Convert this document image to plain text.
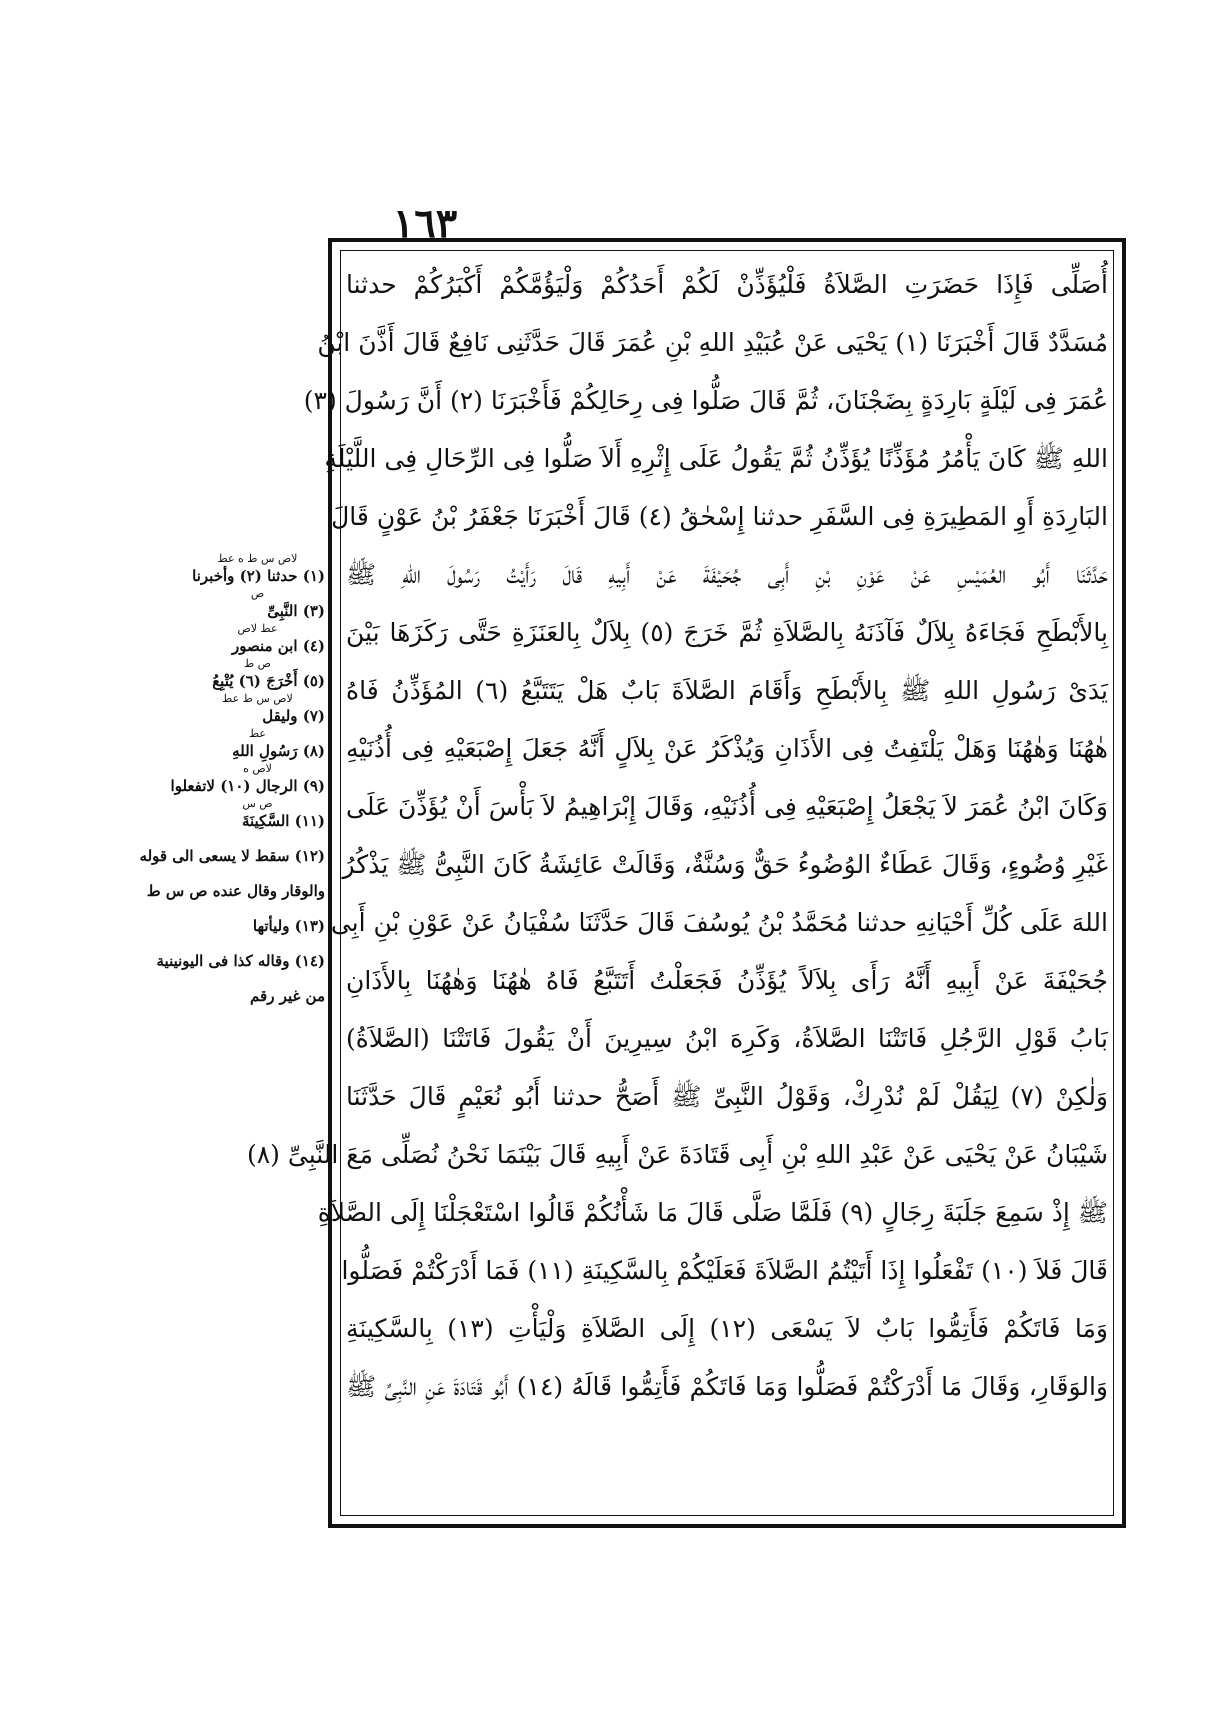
١٦٣
أُصَلِّى فَإِذَا حَضَرَتِ الصَّلاَةُ فَلْيُؤَذِّنْ لَكُمْ أَحَدُكُمْ وَلْيَؤُمَّكُمْ أَكْبَرُكُمْ حدثنا
مُسَدَّدٌ قَالَ أَخْبَرَنَا (١) يَحْيَى عَنْ عُبَيْدِ اللهِ بْنِ عُمَرَ قَالَ حَدَّثَنِى نَافِعٌ قَالَ أَذَّنَ ابْنُ
عُمَرَ فِى لَيْلَةٍ بَارِدَةٍ بِضَجْنَانَ، ثُمَّ قَالَ صَلُّوا فِى رِحَالِكُمْ فَأَخْبَرَنَا (٢) أَنَّ رَسُولَ (٣)
اللهِ ﷺ كَانَ يَأْمُرُ مُؤَذِّنًا يُؤَذِّنُ ثُمَّ يَقُولُ عَلَى إِثْرِهِ أَلاَ صَلُّوا فِى الرِّحَالِ فِى اللَّيْلَةِ
البَارِدَةِ أَوِ المَطِيرَةِ فِى السَّفَرِ حدثنا إِسْحٰقُ (٤) قَالَ أَخْبَرَنَا جَعْفَرُ بْنُ عَوْنٍ قَالَ
حَدَّثَنَا أَبُو العُمَيْسِ عَنْ عَوْنِ بْنِ أَبِى جُحَيْفَةَ عَنْ أَبِيهِ قَالَ رَأَيْتُ رَسُولَ اللهِ ﷺ
بِالأَبْطَحِ فَجَاءَهُ بِلاَلٌ فَآذَنَهُ بِالصَّلاَةِ ثُمَّ خَرَجَ (٥) بِلاَلٌ بِالعَنَزَةِ حَتَّى رَكَزَهَا بَيْنَ
يَدَىْ رَسُولِ اللهِ ﷺ بِالأَبْطَحِ وَأَقَامَ الصَّلاَةَ بَابٌ هَلْ يَتَتَبَّعُ (٦) المُؤَذِّنُ فَاهُ
هٰهُنَا وَهٰهُنَا وَهَلْ يَلْتَفِتُ فِى الأَذَانِ وَيُذْكَرُ عَنْ بِلاَلٍ أَنَّهُ جَعَلَ إِصْبَعَيْهِ فِى أُذُنَيْهِ
وَكَانَ ابْنُ عُمَرَ لاَ يَجْعَلُ إِصْبَعَيْهِ فِى أُذُنَيْهِ، وَقَالَ إِبْرَاهِيمُ لاَ بَأْسَ أَنْ يُؤَذِّنَ عَلَى
غَيْرِ وُضُوءٍ، وَقَالَ عَطَاءٌ الوُضُوءُ حَقٌّ وَسُنَّةٌ، وَقَالَتْ عَائِشَةُ كَانَ النَّبِىُّ ﷺ يَذْكُرُ
اللهَ عَلَى كُلِّ أَحْيَانِهِ حدثنا مُحَمَّدُ بْنُ يُوسُفَ قَالَ حَدَّثَنَا سُفْيَانُ عَنْ عَوْنِ بْنِ أَبِى
جُحَيْفَةَ عَنْ أَبِيهِ أَنَّهُ رَأَى بِلاَلاً يُؤَذِّنُ فَجَعَلْتُ أَتَتَبَّعُ فَاهُ هٰهُنَا وَهٰهُنَا بِالأَذَانِ
بَابُ قَوْلِ الرَّجُلِ فَاتَتْنَا الصَّلاَةُ، وَكَرِهَ ابْنُ سِيرِينَ أَنْ يَقُولَ فَاتَتْنَا (الصَّلاَةُ)
وَلٰكِنْ (٧) لِيَقُلْ لَمْ نُدْرِكْ، وَقَوْلُ النَّبِىِّ ﷺ أَصَحُّ حدثنا أَبُو نُعَيْمٍ قَالَ حَدَّثَنَا
شَيْبَانُ عَنْ يَحْيَى عَنْ عَبْدِ اللهِ بْنِ أَبِى قَتَادَةَ عَنْ أَبِيهِ قَالَ بَيْنَمَا نَحْنُ نُصَلِّى مَعَ النَّبِىِّ (٨)
ﷺ إِذْ سَمِعَ جَلَبَةَ رِجَالٍ (٩) فَلَمَّا صَلَّى قَالَ مَا شَأْنُكُمْ قَالُوا اسْتَعْجَلْنَا إِلَى الصَّلاَةِ
قَالَ فَلاَ (١٠) تَفْعَلُوا إِذَا أَتَيْتُمُ الصَّلاَةَ فَعَلَيْكُمْ بِالسَّكِينَةِ (١١) فَمَا أَدْرَكْتُمْ فَصَلُّوا
وَمَا فَاتَكُمْ فَأَتِمُّوا بَابٌ لاَ يَسْعَى (١٢) إِلَى الصَّلاَةِ وَلْيَأْتِ (١٣) بِالسَّكِينَةِ
وَالوَقَارِ، وَقَالَ مَا أَدْرَكْتُمْ فَصَلُّوا وَمَا فَاتَكُمْ فَأَتِمُّوا قَالَهُ (١٤) أَبُو قَتَادَةَ عَنِ النَّبِىِّ ﷺ
لاص س ط ه عط
(١) حدثنا (٢) وأخبرنا
ص
(٣) النَّبِىِّ
عط لاص
(٤) ابن منصور
ص ط
(٥) أَخْرَجَ (٦) يُتْبِعُ
لاص س ط عط
(٧) وليقل
عط
(٨) رَسُولِ اللهِ
لاص ه
(٩) الرجال (١٠) لاتفعلوا
ص س
(١١) السَّكِينَةَ
(١٢) سقط لا يسعى الى قوله
والوقار وقال عنده ص س ط
(١٣) وليأتها
(١٤) وقاله كذا فى اليونينية
من غير رقم
